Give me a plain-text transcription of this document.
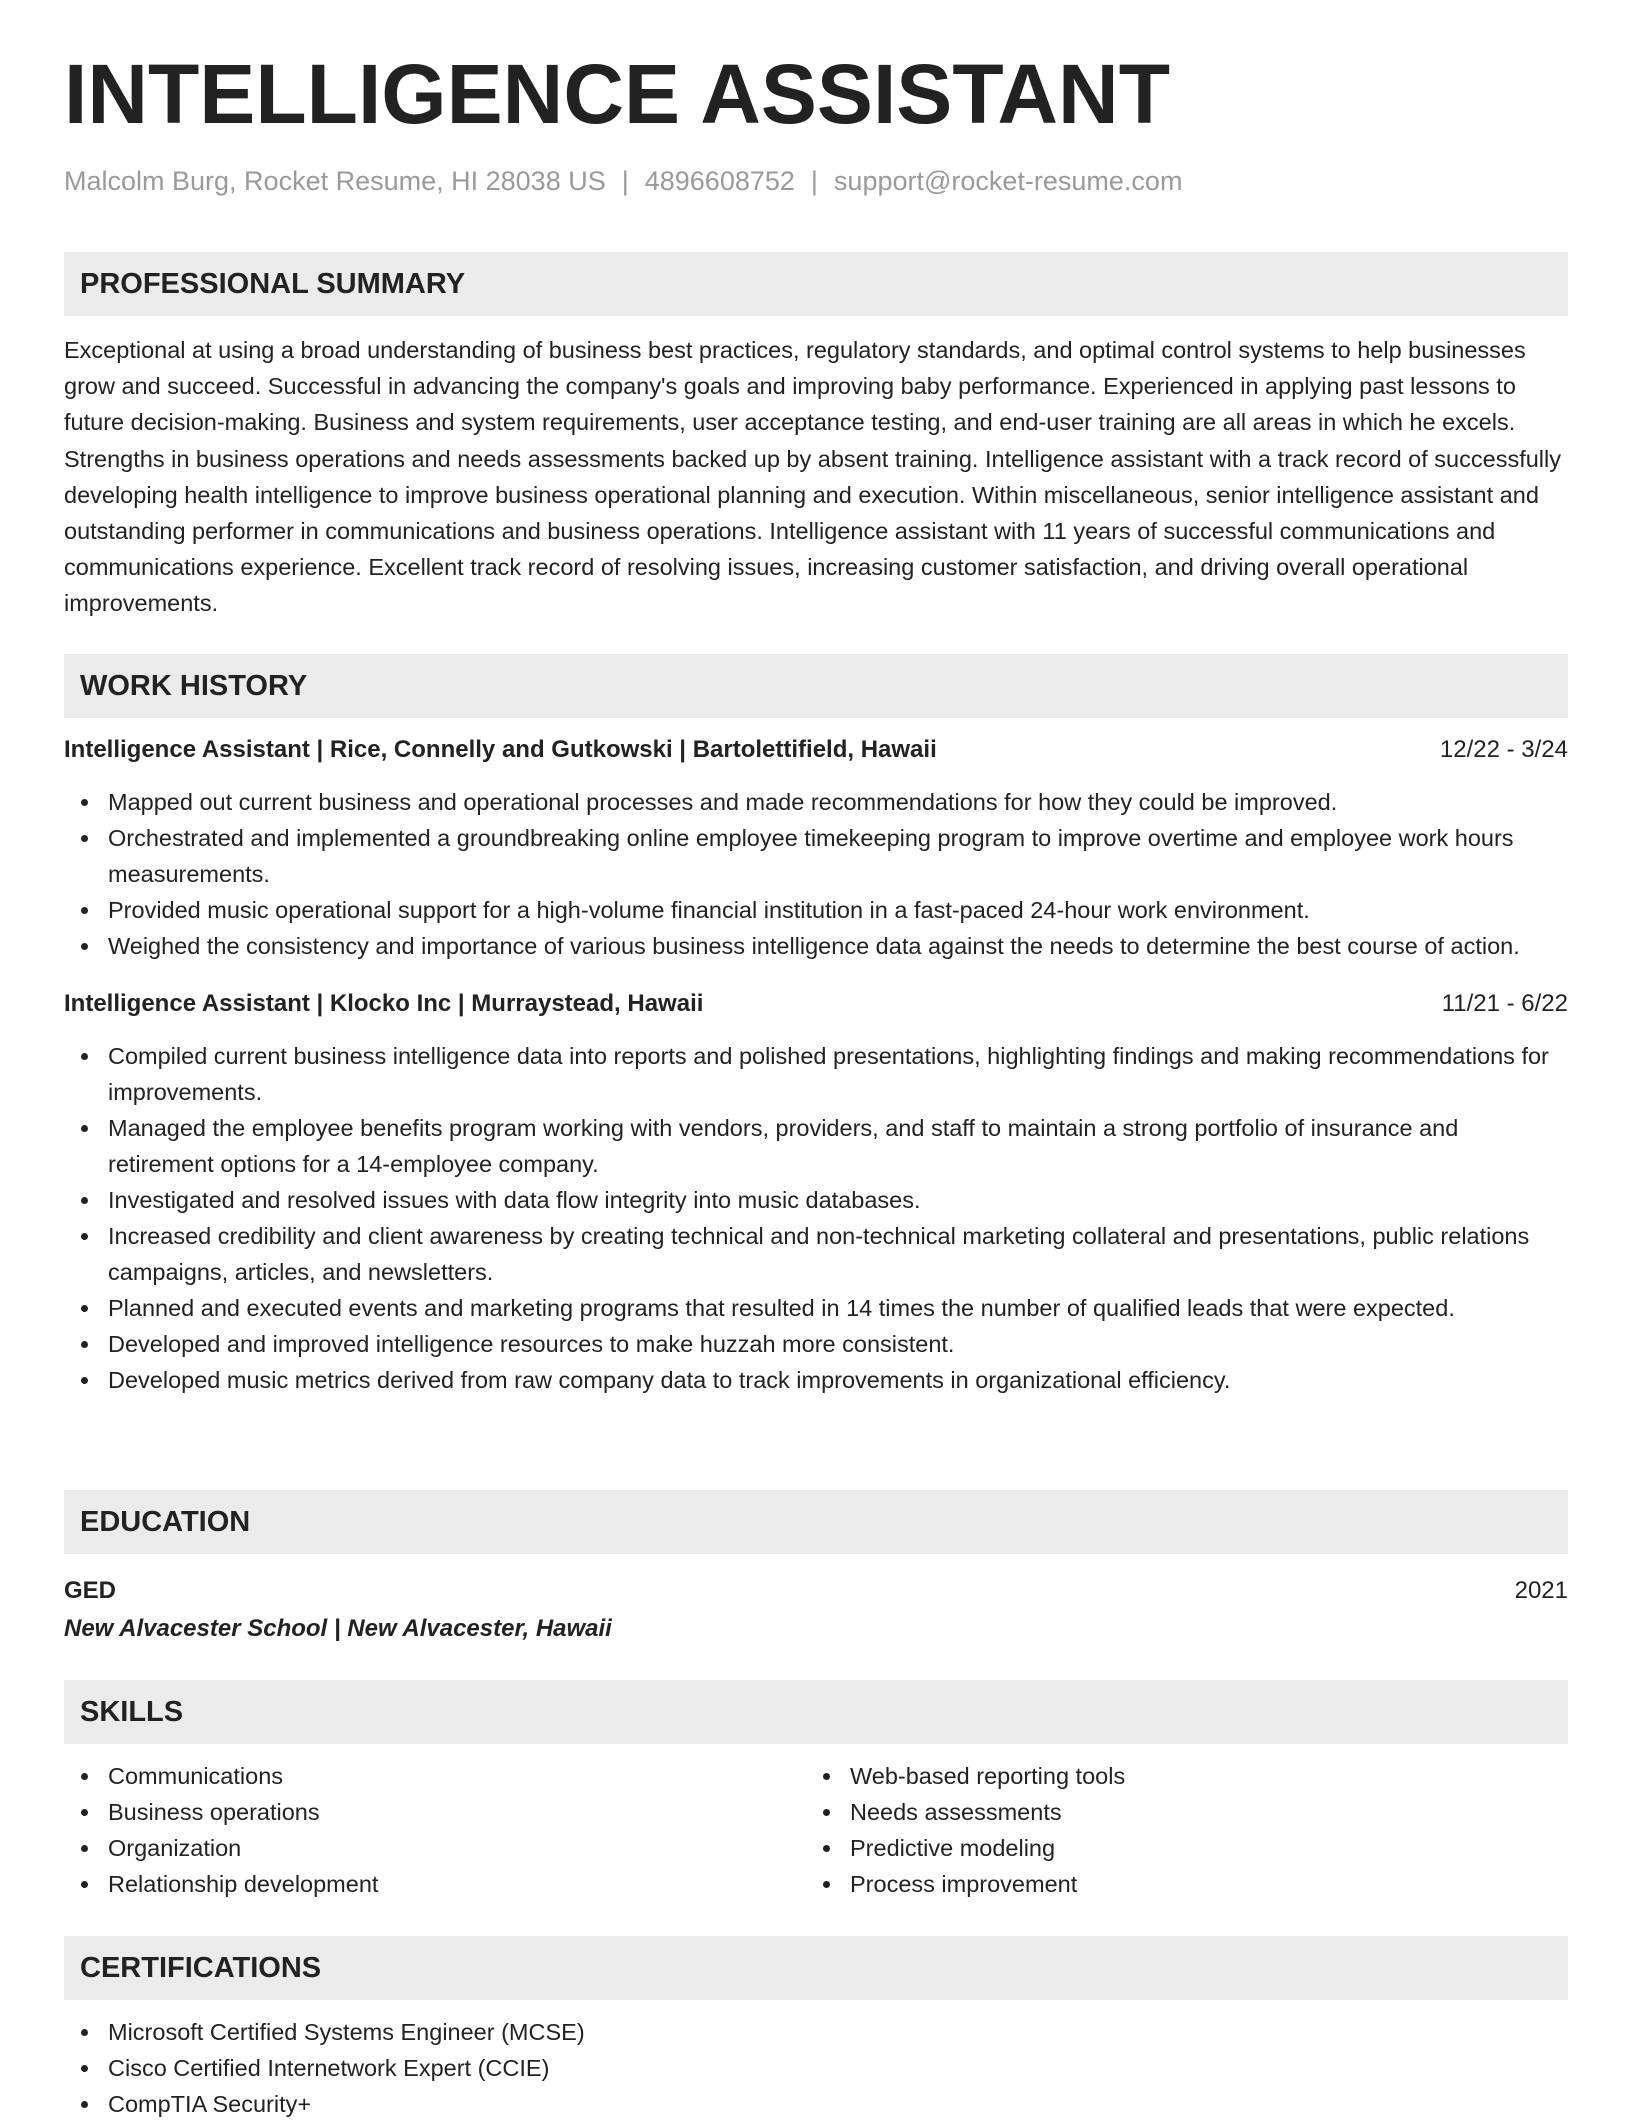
INTELLIGENCE ASSISTANT
Malcolm Burg, Rocket Resume, HI 28038 US | 4896608752 | support@rocket-resume.com
PROFESSIONAL SUMMARY
Exceptional at using a broad understanding of business best practices, regulatory standards, and optimal control systems to help businesses grow and succeed. Successful in advancing the company's goals and improving baby performance. Experienced in applying past lessons to future decision-making. Business and system requirements, user acceptance testing, and end-user training are all areas in which he excels. Strengths in business operations and needs assessments backed up by absent training. Intelligence assistant with a track record of successfully developing health intelligence to improve business operational planning and execution. Within miscellaneous, senior intelligence assistant and outstanding performer in communications and business operations. Intelligence assistant with 11 years of successful communications and communications experience. Excellent track record of resolving issues, increasing customer satisfaction, and driving overall operational improvements.
WORK HISTORY
Intelligence Assistant | Rice, Connelly and Gutkowski | Bartolettifield, Hawaii	12/22 - 3/24
Mapped out current business and operational processes and made recommendations for how they could be improved.
Orchestrated and implemented a groundbreaking online employee timekeeping program to improve overtime and employee work hours measurements.
Provided music operational support for a high-volume financial institution in a fast-paced 24-hour work environment.
Weighed the consistency and importance of various business intelligence data against the needs to determine the best course of action.
Intelligence Assistant | Klocko Inc | Murraystead, Hawaii	11/21 - 6/22
Compiled current business intelligence data into reports and polished presentations, highlighting findings and making recommendations for improvements.
Managed the employee benefits program working with vendors, providers, and staff to maintain a strong portfolio of insurance and retirement options for a 14-employee company.
Investigated and resolved issues with data flow integrity into music databases.
Increased credibility and client awareness by creating technical and non-technical marketing collateral and presentations, public relations campaigns, articles, and newsletters.
Planned and executed events and marketing programs that resulted in 14 times the number of qualified leads that were expected.
Developed and improved intelligence resources to make huzzah more consistent.
Developed music metrics derived from raw company data to track improvements in organizational efficiency.
EDUCATION
GED	2021
New Alvacester School | New Alvacester, Hawaii
SKILLS
Communications
Business operations
Organization
Relationship development
Web-based reporting tools
Needs assessments
Predictive modeling
Process improvement
CERTIFICATIONS
Microsoft Certified Systems Engineer (MCSE)
Cisco Certified Internetwork Expert (CCIE)
CompTIA Security+
